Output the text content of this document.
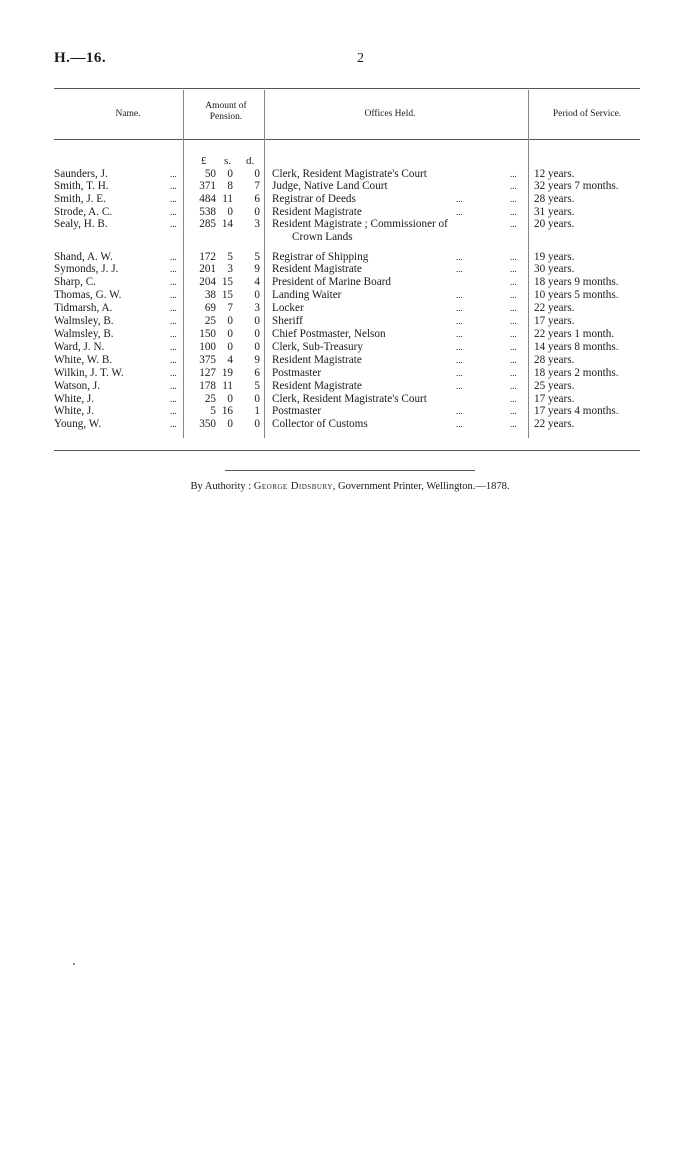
H.—16.	2
Name.
Amount of
Pension.	Offices Held.	Period of Service.
£ s. d.
Saunders, J.	...	50	0	0 Clerk, Resident Magistrate's Court	... 12 years.
Smith, T. H.	...	371	8	7 Judge, Native Land Court	... 32 years 7 months.
Smith, J. E.	...	484 11	6 Registrar of Deeds	...	... 28 years.
Strode, A. C.	...	538	0	0 Resident Magistrate	...	... 31 years.
Sealy, H. B.	...	285 14	3 Resident Magistrate ; Commissioner of	... 20 years.
Crown Lands
Shand, A. W.	...	172	5	5 Registrar of Shipping	...	... 19 years.
Symonds, J. J.	...	201	3	9 Resident Magistrate	...	... 30 years.
Sharp, C.	...	204 15	4 President of Marine Board	... 18 years 9 months.
Thomas, G. W.	...	38 15	0 Landing Waiter	...	... 10 years 5 months.
Tidmarsh, A.	...	69	7	3 Locker	...	... 22 years.
Walmsley, B.	...	25	0	0 Sheriff	...	... 17 years.
Walmsley, B.	...	150	0	0 Chief Postmaster, Nelson	...	... 22 years 1 month.
Ward, J. N.	...	100	0	0 Clerk, Sub-Treasury	...	... 14 years 8 months.
White, W. B.	...	375	4	9 Resident Magistrate	...	... 28 years.
Wilkin, J. T. W.	...	127 19	6 Postmaster	...	... 18 years 2 months.
Watson, J.	...	178 11	5 Resident Magistrate	...	... 25 years.
White, J.	...	25	0	0 Clerk, Resident Magistrate's Court	... 17 years.
White, J.	...	5 16	1 Postmaster	...	... 17 years 4 months.
Young, W.	...	350	0	0 Collector of Customs	...	... 22 years.
By Authority : George Didsbury, Government Printer, Wellington.—1878.
